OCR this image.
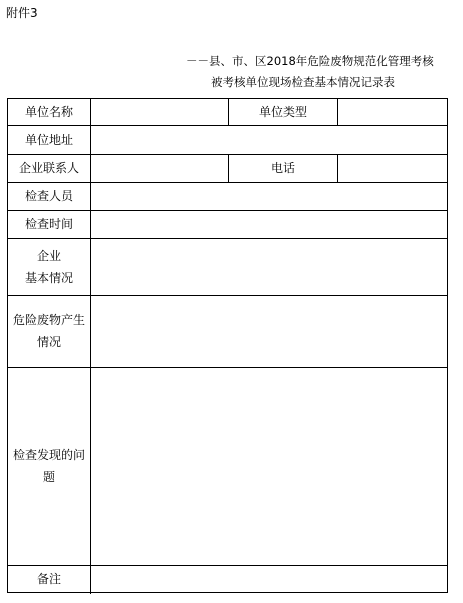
附件3
－－县、市、区2018年危险废物规范化管理考核
被考核单位现场检查基本情况记录表
单位名称	单位类型
单位地址
企业联系人	电话
检查人员
检查时间
企业
基本情况
危险废物产生
情况
检查发现的问
题
备注
